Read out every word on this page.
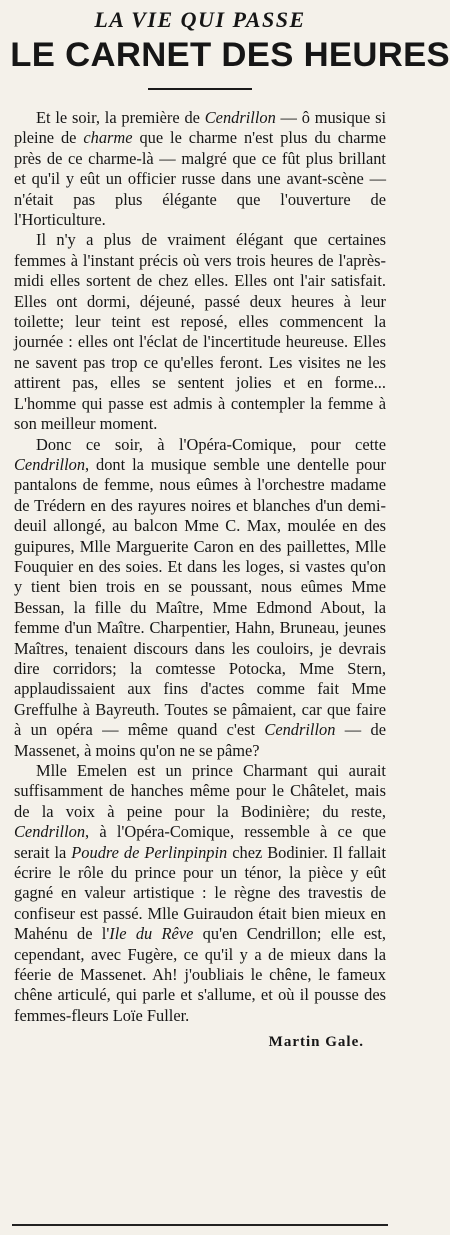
LA VIE QUI PASSE
LE CARNET DES HEURES

Et le soir, la première de Cendrillon — ô musique si pleine de charme que le charme n'est plus du charme près de ce charme-là — malgré que ce fût plus brillant et qu'il y eût un officier russe dans une avant-scène — n'était pas plus élégante que l'ouverture de l'Horticulture.

Il n'y a plus de vraiment élégant que certaines femmes à l'instant précis où vers trois heures de l'après-midi elles sortent de chez elles. Elles ont l'air satisfait. Elles ont dormi, déjeuné, passé deux heures à leur toilette; leur teint est reposé, elles commencent la journée : elles ont l'éclat de l'incertitude heureuse. Elles ne savent pas trop ce qu'elles feront. Les visites ne les attirent pas, elles se sentent jolies et en forme... L'homme qui passe est admis à contempler la femme à son meilleur moment.

Donc ce soir, à l'Opéra-Comique, pour cette Cendrillon, dont la musique semble une dentelle pour pantalons de femme, nous eûmes à l'orchestre madame de Trédern en des rayures noires et blanches d'un demi-deuil allongé, au balcon Mme C. Max, moulée en des guipures, Mlle Marguerite Caron en des paillettes, Mlle Fouquier en des soies. Et dans les loges, si vastes qu'on y tient bien trois en se poussant, nous eûmes Mme Bessan, la fille du Maître, Mme Edmond About, la femme d'un Maître. Charpentier, Hahn, Bruneau, jeunes Maîtres, tenaient discours dans les couloirs, je devrais dire corridors; la comtesse Potocka, Mme Stern, applaudissaient aux fins d'actes comme fait Mme Greffulhe à Bayreuth. Toutes se pâmaient, car que faire à un opéra — même quand c'est Cendrillon — de Massenet, à moins qu'on ne se pâme?

Mlle Emelen est un prince Charmant qui aurait suffisamment de hanches même pour le Châtelet, mais de la voix à peine pour la Bodinière; du reste, Cendrillon, à l'Opéra-Comique, ressemble à ce que serait la Poudre de Perlinpinpin chez Bodinier. Il fallait écrire le rôle du prince pour un ténor, la pièce y eût gagné en valeur artistique : le règne des travestis de confiseur est passé. Mlle Guiraudon était bien mieux en Mahénu de l'Ile du Rêve qu'en Cendrillon; elle est, cependant, avec Fugère, ce qu'il y a de mieux dans la féerie de Massenet. Ah! j'oubliais le chêne, le fameux chêne articulé, qui parle et s'allume, et où il pousse des femmes-fleurs Loïe Fuller.

Martin Gale.
